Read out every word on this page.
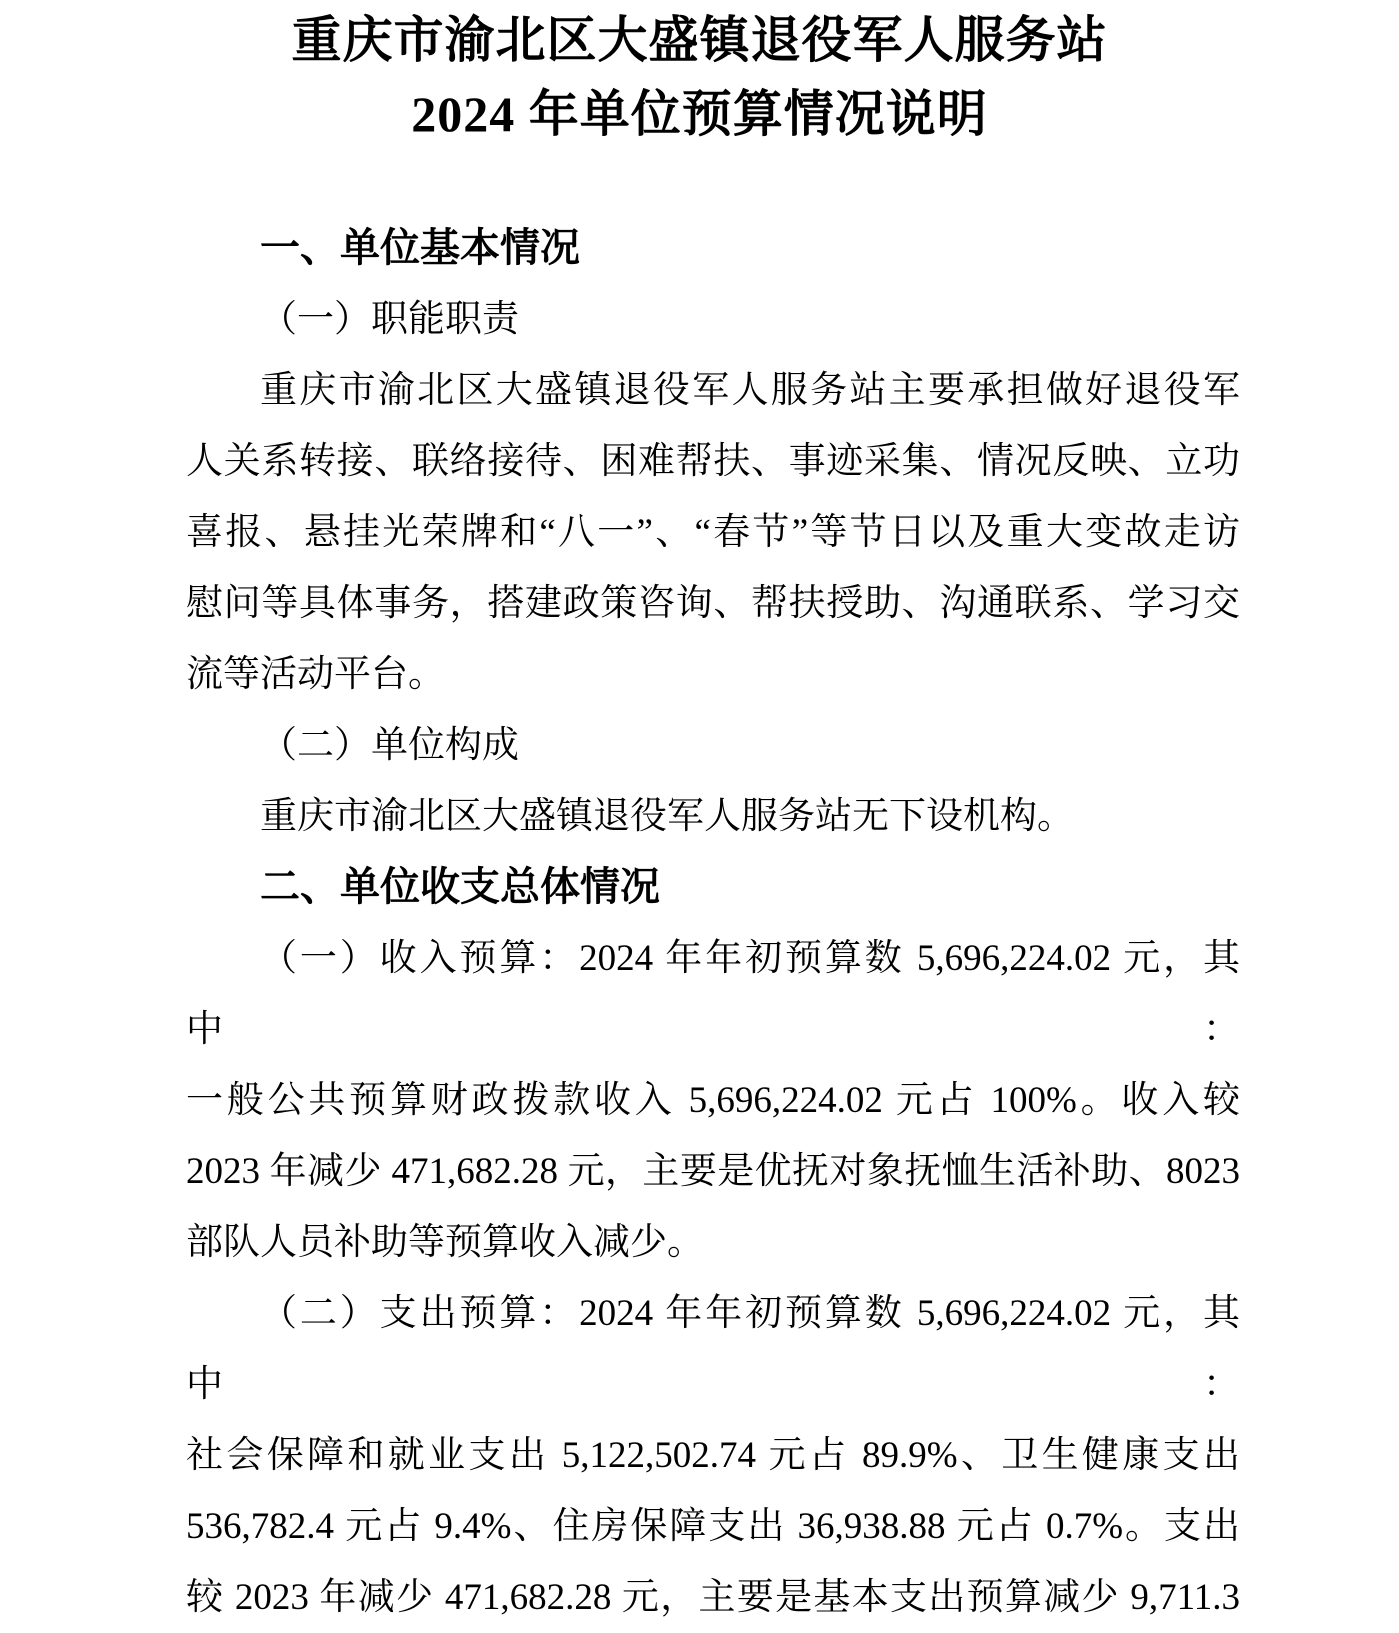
重庆市渝北区大盛镇退役军人服务站
2024 年单位预算情况说明
一、单位基本情况
（一）职能职责
重庆市渝北区大盛镇退役军人服务站主要承担做好退役军
人关系转接、联络接待、困难帮扶、事迹采集、情况反映、立功
喜报、悬挂光荣牌和“八一”、“春节”等节日以及重大变故走访
慰问等具体事务，搭建政策咨询、帮扶授助、沟通联系、学习交
流等活动平台。
（二）单位构成
重庆市渝北区大盛镇退役军人服务站无下设机构。
二、单位收支总体情况
（一）收入预算：2024 年年初预算数 5,696,224.02 元，其中：
一般公共预算财政拨款收入 5,696,224.02 元占 100%。收入较
2023 年减少 471,682.28 元，主要是优抚对象抚恤生活补助、8023
部队人员补助等预算收入减少。
（二）支出预算：2024 年年初预算数 5,696,224.02 元，其中：
社会保障和就业支出 5,122,502.74 元占 89.9%、卫生健康支出
536,782.4 元占 9.4%、住房保障支出 36,938.88 元占 0.7%。支出
较 2023 年减少 471,682.28 元，主要是基本支出预算减少 9,711.3
